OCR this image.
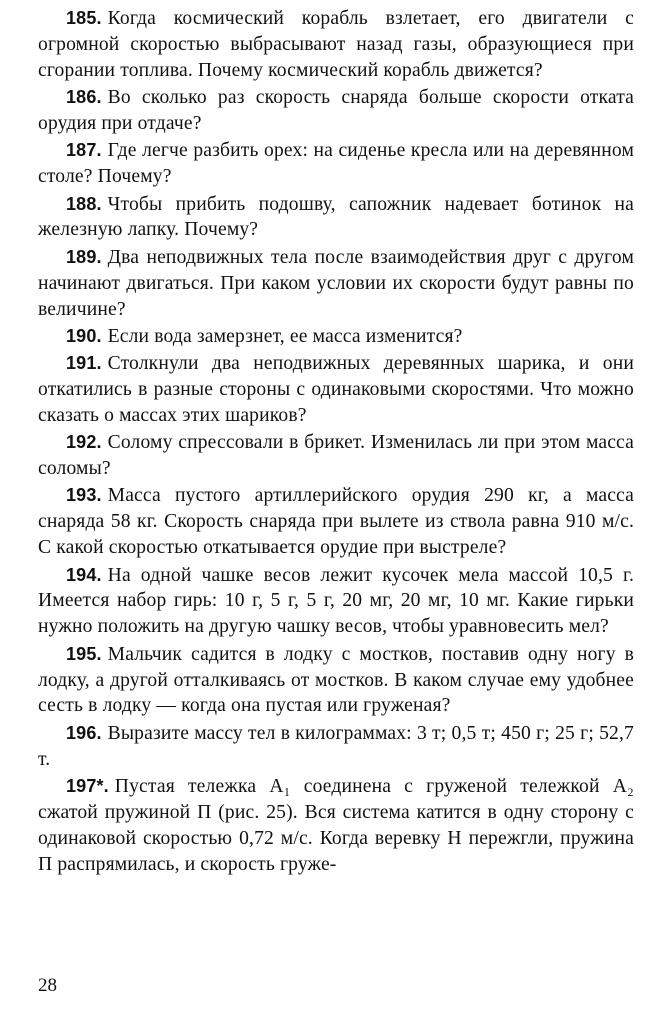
185. Когда космический корабль взлетает, его двигатели с огромной скоростью выбрасывают назад газы, образующиеся при сгорании топлива. Почему космический корабль движется?

186. Во сколько раз скорость снаряда больше скорости отката орудия при отдаче?

187. Где легче разбить орех: на сиденье кресла или на деревянном столе? Почему?

188. Чтобы прибить подошву, сапожник надевает ботинок на железную лапку. Почему?

189. Два неподвижных тела после взаимодействия друг с другом начинают двигаться. При каком условии их скорости будут равны по величине?

190. Если вода замерзнет, ее масса изменится?

191. Столкнули два неподвижных деревянных шарика, и они откатились в разные стороны с одинаковыми скоростями. Что можно сказать о массах этих шариков?

192. Солому спрессовали в брикет. Изменилась ли при этом масса соломы?

193. Масса пустого артиллерийского орудия 290 кг, а масса снаряда 58 кг. Скорость снаряда при вылете из ствола равна 910 м/с. С какой скоростью откатывается орудие при выстреле?

194. На одной чашке весов лежит кусочек мела массой 10,5 г. Имеется набор гирь: 10 г, 5 г, 5 г, 20 мг, 20 мг, 10 мг. Какие гирьки нужно положить на другую чашку весов, чтобы уравновесить мел?

195. Мальчик садится в лодку с мостков, поставив одну ногу в лодку, а другой отталкиваясь от мостков. В каком случае ему удобнее сесть в лодку — когда она пустая или груженая?

196. Выразите массу тел в килограммах: 3 т; 0,5 т; 450 г; 25 г; 52,7 т.

197*. Пустая тележка A₁ соединена с груженой тележкой A₂ сжатой пружиной П (рис. 25). Вся система катится в одну сторону с одинаковой скоростью 0,72 м/с. Когда веревку Н пережгли, пружина П распрямилась, и скорость груже-

28
